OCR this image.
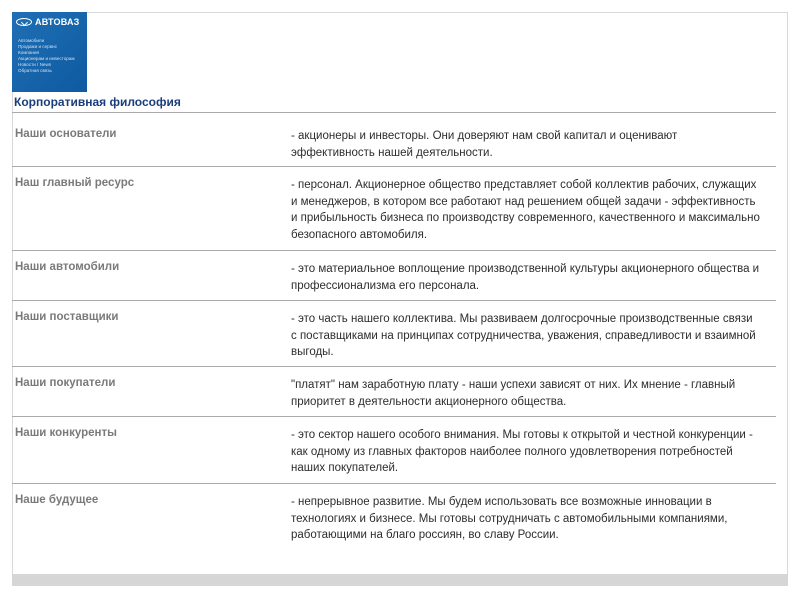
АВТОВАЗ
Автомобили
Продажи и сервис
Компания
Акционерам и инвесторам
Новости / News
Обратная связь
Корпоративная философия
Наши основатели	- акционеры и инвесторы. Они доверяют нам свой капитал и оценивают эффективность нашей деятельности.

Наш главный ресурс	- персонал. Акционерное общество представляет собой коллектив рабочих, служащих и менеджеров, в котором все работают над решением общей задачи - эффективность и прибыльность бизнеса по производству современного, качественного и максимально безопасного автомобиля.

Наши автомобили	- это материальное воплощение производственной культуры акционерного общества и профессионализма его персонала.

Наши поставщики	- это часть нашего коллектива. Мы развиваем долгосрочные производственные связи с поставщиками на принципах сотрудничества, уважения, справедливости и взаимной выгоды.

Наши покупатели	"платят" нам заработную плату - наши успехи зависят от них. Их мнение - главный приоритет в деятельности акционерного общества.

Наши конкуренты	- это сектор нашего особого внимания. Мы готовы к открытой и честной конкуренции - как одному из главных факторов наиболее полного удовлетворения потребностей наших покупателей.

Наше будущее	- непрерывное развитие. Мы будем использовать все возможные инновации в технологиях и бизнесе. Мы готовы сотрудничать с автомобильными компаниями, работающими на благо россиян, во славу России.
